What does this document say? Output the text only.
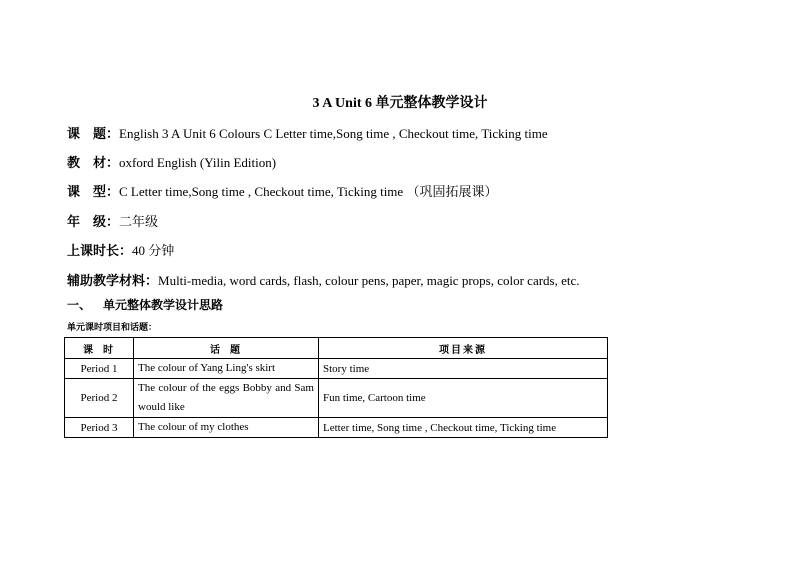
3 A Unit 6 单元整体教学设计
课　题：English 3 A Unit 6 Colours C Letter time,Song time , Checkout time, Ticking time
教　材：oxford English (Yilin Edition)
课　型：C Letter time,Song time , Checkout time, Ticking time （巩固拓展课）
年　级：二年级
上课时长：40 分钟
辅助教学材料：Multi-media, word cards, flash, colour pens, paper, magic props, color cards, etc.
一、 单元整体教学设计思路
单元课时项目和话题：
课 时	话 题	项目来源
Period 1	The colour of Yang Ling's skirt	Story time
Period 2	The colour of the eggs Bobby and Sam would like	Fun time, Cartoon time
Period 3	The colour of my clothes	Letter time, Song time , Checkout time, Ticking time
